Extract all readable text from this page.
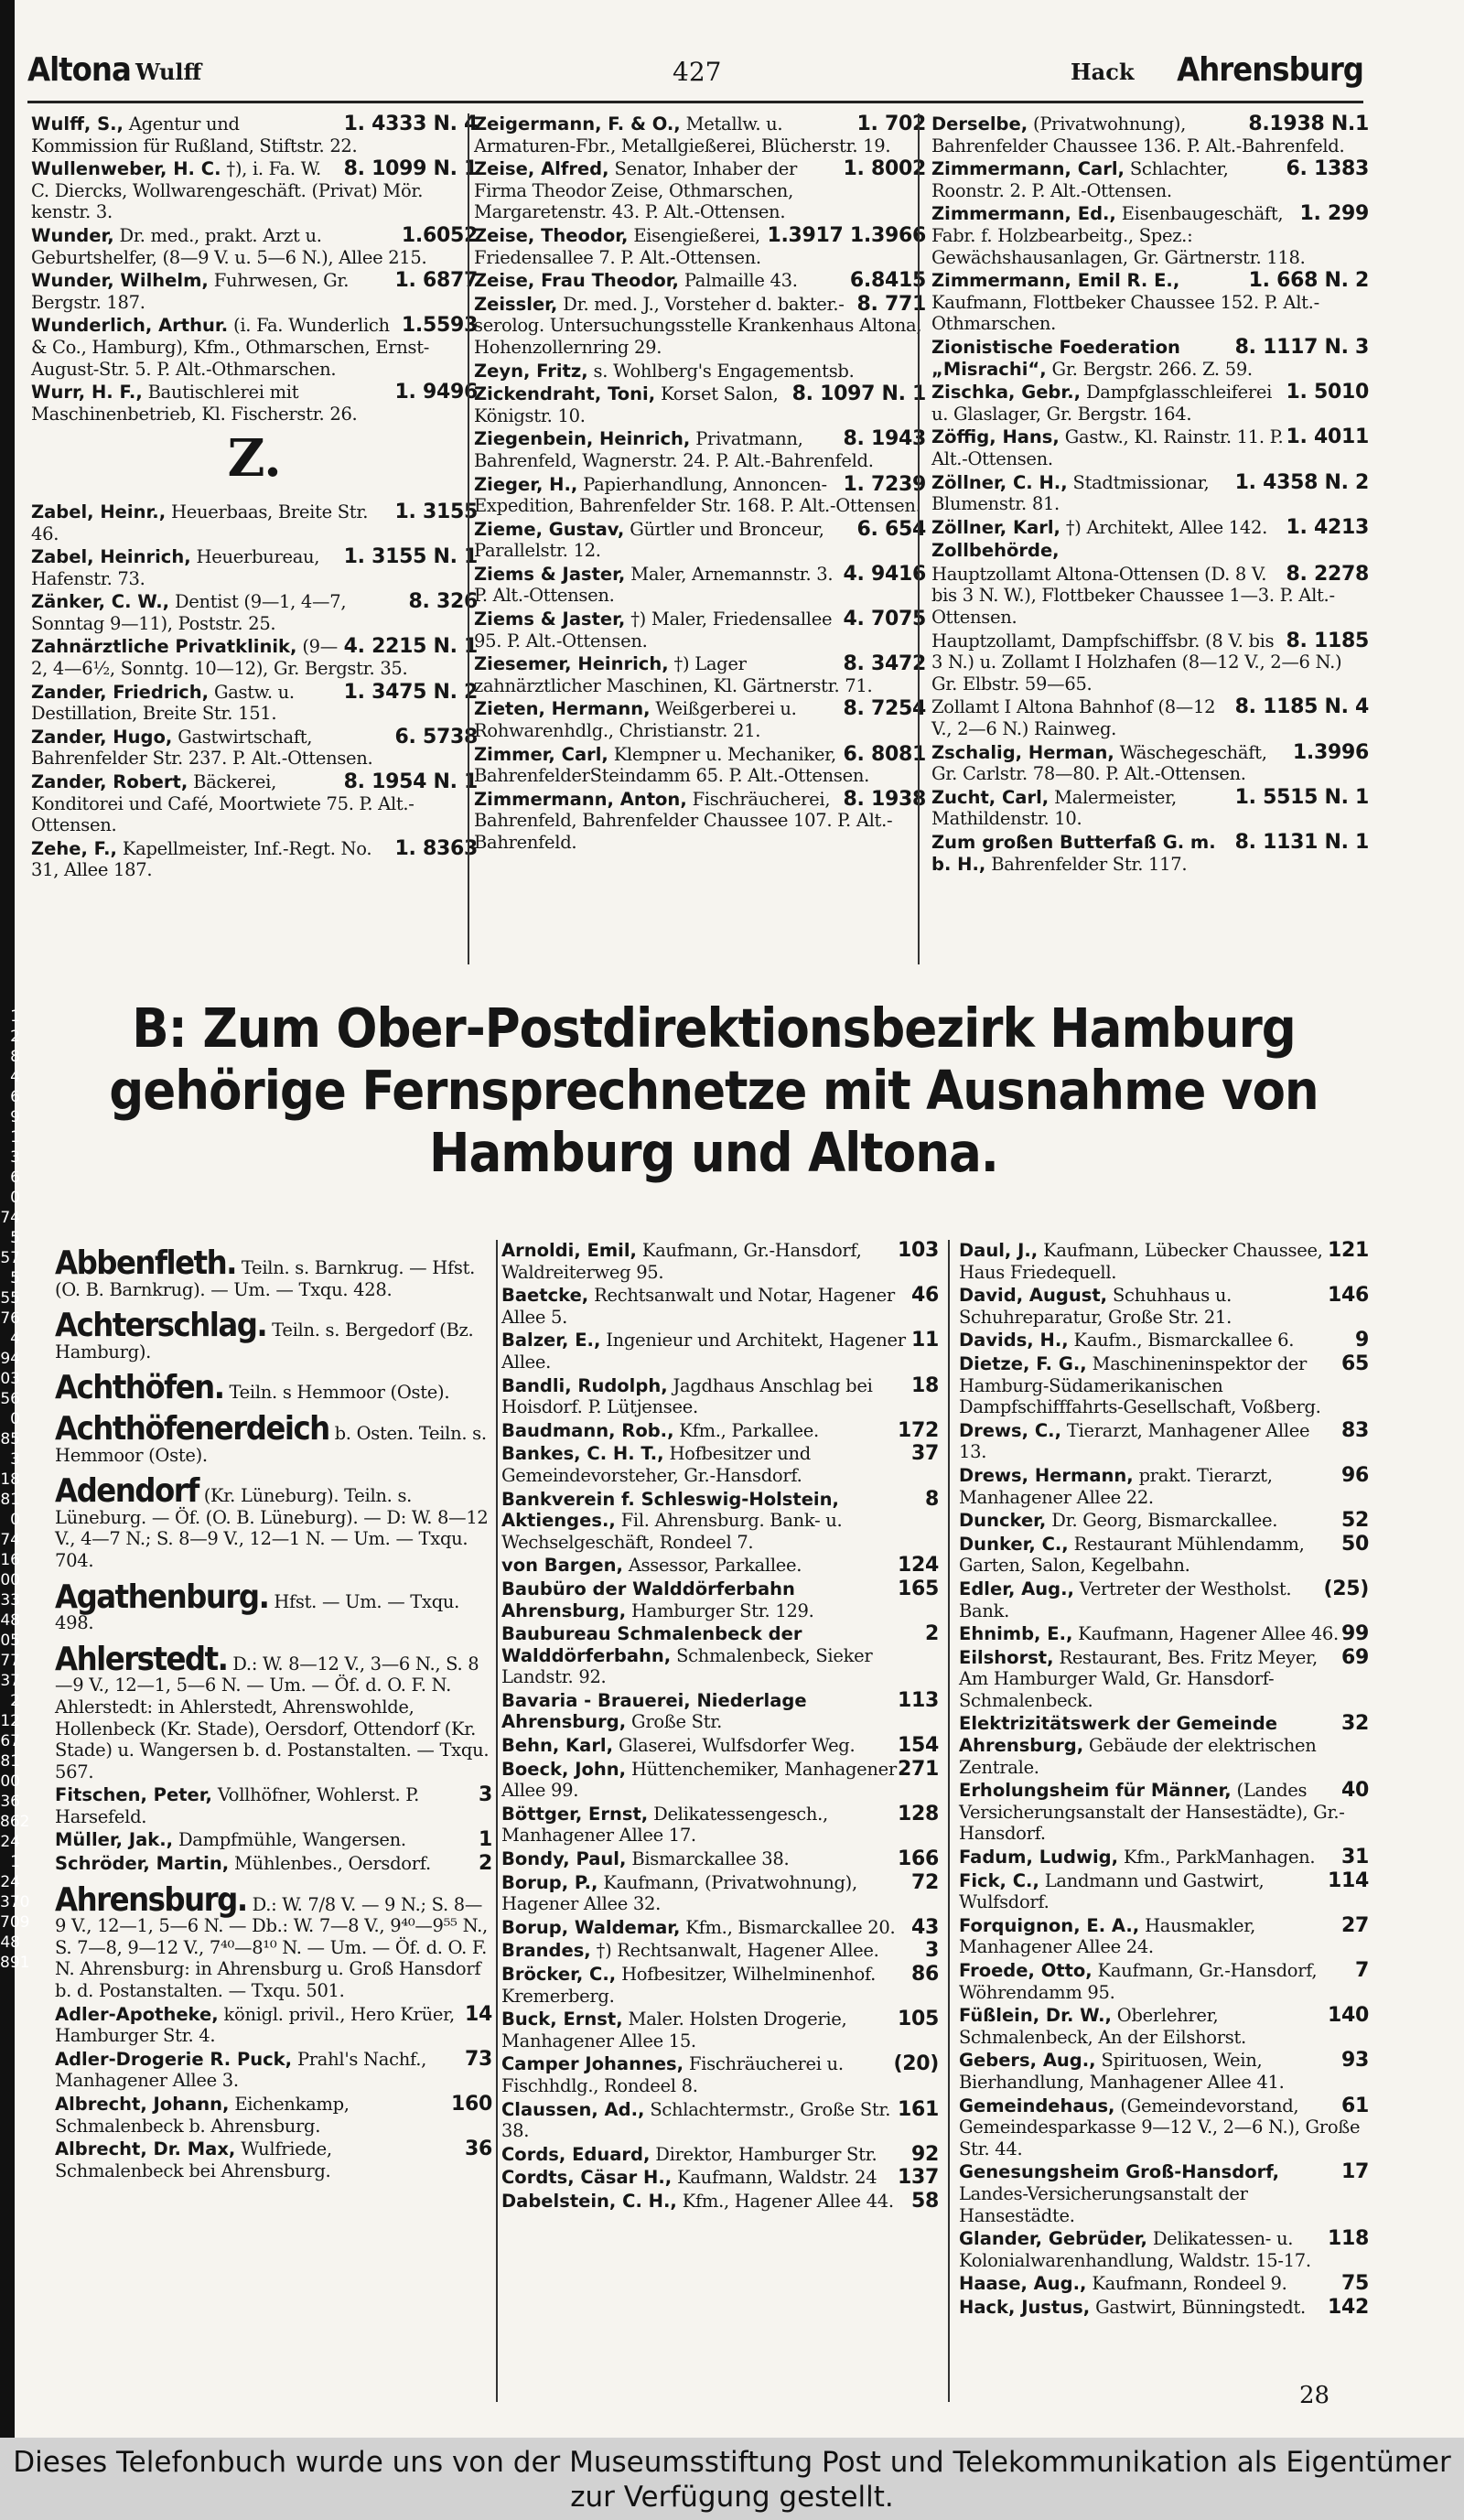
1
2
8
4
6
9
1
3
6
0
74
5
57
5
55
76
4
94
03
56
0
85
3
18
81
0
74
16
00
33
48
05
77
37
2
12
67
81
00
36
862
24
1
24
370
709
48
891
Altona Wulff	427	Hack Ahrensburg
1. 4333 N. 4
Wulff, S., Agentur und Kommission für Rußland, Stiftstr. 22.
8. 1099 N. 1
Wullenweber, H. C. †), i. Fa. W. C. Diercks, Wollwarengeschäft. (Privat) Mör. kenstr. 3.
1.6052
Wunder, Dr. med., prakt. Arzt u. Geburtshelfer, (8—9 V. u. 5—6 N.), Allee 215.
1. 6877
Wunder, Wilhelm, Fuhrwesen, Gr. Bergstr. 187.
1.5593
Wunderlich, Arthur. (i. Fa. Wunderlich & Co., Hamburg), Kfm., Othmarschen, Ernst-August-Str. 5. P. Alt.-Othmarschen.
1. 9496
Wurr, H. F., Bautischlerei mit Maschinenbetrieb, Kl. Fischerstr. 26.
Z.
1. 3155
Zabel, Heinr., Heuerbaas, Breite Str. 46.
1. 3155 N. 1
Zabel, Heinrich, Heuerbureau, Hafenstr. 73.
8. 326
Zänker, C. W., Dentist (9—1, 4—7, Sonntag 9—11), Poststr. 25.
4. 2215 N. 1
Zahnärztliche Privatklinik, (9—2, 4—6½, Sonntg. 10—12), Gr. Bergstr. 35.
1. 3475 N. 2
Zander, Friedrich, Gastw. u. Destillation, Breite Str. 151.
6. 5738
Zander, Hugo, Gastwirtschaft, Bahrenfelder Str. 237. P. Alt.-Ottensen.
8. 1954 N. 1
Zander, Robert, Bäckerei, Konditorei und Café, Moortwiete 75. P. Alt.-Ottensen.
1. 8363
Zehe, F., Kapellmeister, Inf.-Regt. No. 31, Allee 187.
1. 702
Zeigermann, F. & O., Metallw. u. Armaturen-Fbr., Metallgießerei, Blücherstr. 19.
1. 8002
Zeise, Alfred, Senator, Inhaber der Firma Theodor Zeise, Othmarschen, Margaretenstr. 43. P. Alt.-Ottensen.
1.3917 1.3966
Zeise, Theodor, Eisengießerei, Friedensallee 7. P. Alt.-Ottensen.
6.8415
Zeise, Frau Theodor, Palmaille 43.
8. 771
Zeissler, Dr. med. J., Vorsteher d. bakter.-serolog. Untersuchungsstelle Krankenhaus Altona, Hohenzollernring 29.
Zeyn, Fritz, s. Wohlberg's Engagementsb.
8. 1097 N. 1
Zickendraht, Toni, Korset Salon, Königstr. 10.
8. 1943
Ziegenbein, Heinrich, Privatmann, Bahrenfeld, Wagnerstr. 24. P. Alt.-Bahrenfeld.
1. 7239
Zieger, H., Papierhandlung, Annoncen-Expedition, Bahrenfelder Str. 168. P. Alt.-Ottensen.
6. 654
Zieme, Gustav, Gürtler und Bronceur, Parallelstr. 12.
4. 9416
Ziems & Jaster, Maler, Arnemannstr. 3. P. Alt.-Ottensen.
4. 7075
Ziems & Jaster, †) Maler, Friedensallee 95. P. Alt.-Ottensen.
8. 3472
Ziesemer, Heinrich, †) Lager zahnärztlicher Maschinen, Kl. Gärtnerstr. 71.
8. 7254
Zieten, Hermann, Weißgerberei u. Rohwarenhdlg., Christianstr. 21.
6. 8081
Zimmer, Carl, Klempner u. Mechaniker, BahrenfelderSteindamm 65. P. Alt.-Ottensen.
8. 1938
Zimmermann, Anton, Fischräucherei, Bahrenfeld, Bahrenfelder Chaussee 107. P. Alt.-Bahrenfeld.
8.1938 N.1
Derselbe, (Privatwohnung), Bahrenfelder Chaussee 136. P. Alt.-Bahrenfeld.
6. 1383
Zimmermann, Carl, Schlachter, Roonstr. 2. P. Alt.-Ottensen.
1. 299
Zimmermann, Ed., Eisenbaugeschäft, Fabr. f. Holzbearbeitg., Spez.: Gewächshausanlagen, Gr. Gärtnerstr. 118.
1. 668 N. 2
Zimmermann, Emil R. E., Kaufmann, Flottbeker Chaussee 152. P. Alt.-Othmarschen.
8. 1117 N. 3
Zionistische Foederation „Misrachi“, Gr. Bergstr. 266. Z. 59.
1. 5010
Zischka, Gebr., Dampfglasschleiferei u. Glaslager, Gr. Bergstr. 164.
1. 4011
Zöffig, Hans, Gastw., Kl. Rainstr. 11. P. Alt.-Ottensen.
1. 4358 N. 2
Zöllner, C. H., Stadtmissionar, Blumenstr. 81.
1. 4213
Zöllner, Karl, †) Architekt, Allee 142.
Zollbehörde,
8. 2278
Hauptzollamt Altona-Ottensen (D. 8 V. bis 3 N. W.), Flottbeker Chaussee 1—3. P. Alt.-Ottensen.
8. 1185
Hauptzollamt, Dampfschiffsbr. (8 V. bis 3 N.) u. Zollamt I Holzhafen (8—12 V., 2—6 N.) Gr. Elbstr. 59—65.
8. 1185 N. 4
Zollamt I Altona Bahnhof (8—12 V., 2—6 N.) Rainweg.
1.3996
Zschalig, Herman, Wäschegeschäft, Gr. Carlstr. 78—80. P. Alt.-Ottensen.
1. 5515 N. 1
Zucht, Carl, Malermeister, Mathildenstr. 10.
8. 1131 N. 1
Zum großen Butterfaß G. m. b. H., Bahrenfelder Str. 117.
B: Zum Ober-Postdirektionsbezirk Hamburg gehörige Fernsprechnetze mit Ausnahme von Hamburg und Altona.
Abbenfleth. Teiln. s. Barnkrug. — Hfst. (O. B. Barnkrug). — Um. — Txqu. 428.
Achterschlag. Teiln. s. Bergedorf (Bz. Hamburg).
Achthöfen. Teiln. s Hemmoor (Oste).
Achthöfenerdeich b. Osten. Teiln. s. Hemmoor (Oste).
Adendorf (Kr. Lüneburg). Teiln. s. Lüneburg. — Öf. (O. B. Lüneburg). — D: W. 8—12 V., 4—7 N.; S. 8—9 V., 12—1 N. — Um. — Txqu. 704.
Agathenburg. Hfst. — Um. — Txqu. 498.
Ahlerstedt. D.: W. 8—12 V., 3—6 N., S. 8—9 V., 12—1, 5—6 N. — Um. — Öf. d. O. F. N. Ahlerstedt: in Ahlerstedt, Ahrenswohlde, Hollenbeck (Kr. Stade), Oersdorf, Ottendorf (Kr. Stade) u. Wangersen b. d. Postanstalten. — Txqu. 567.
3
Fitschen, Peter, Vollhöfner, Wohlerst. P. Harsefeld.
1
Müller, Jak., Dampfmühle, Wangersen.
2
Schröder, Martin, Mühlenbes., Oersdorf.
Ahrensburg. D.: W. 7/8 V. — 9 N.; S. 8—9 V., 12—1, 5—6 N. — Db.: W. 7—8 V., 9⁴⁰—9⁵⁵ N., S. 7—8, 9—12 V., 7⁴⁰—8¹⁰ N. — Um. — Öf. d. O. F. N. Ahrensburg: in Ahrensburg u. Groß Hansdorf b. d. Postanstalten. — Txqu. 501.
14
Adler-Apotheke, königl. privil., Hero Krüer, Hamburger Str. 4.
73
Adler-Drogerie R. Puck, Prahl's Nachf., Manhagener Allee 3.
160
Albrecht, Johann, Eichenkamp, Schmalenbeck b. Ahrensburg.
36
Albrecht, Dr. Max, Wulfriede, Schmalenbeck bei Ahrensburg.
103
Arnoldi, Emil, Kaufmann, Gr.-Hansdorf, Waldreiterweg 95.
46
Baetcke, Rechtsanwalt und Notar, Hagener Allee 5.
11
Balzer, E., Ingenieur und Architekt, Hagener Allee.
18
Bandli, Rudolph, Jagdhaus Anschlag bei Hoisdorf. P. Lütjensee.
172
Baudmann, Rob., Kfm., Parkallee.
37
Bankes, C. H. T., Hofbesitzer und Gemeindevorsteher, Gr.-Hansdorf.
8
Bankverein f. Schleswig-Holstein, Aktienges., Fil. Ahrensburg. Bank- u. Wechselgeschäft, Rondeel 7.
124
von Bargen, Assessor, Parkallee.
165
Baubüro der Walddörferbahn Ahrensburg, Hamburger Str. 129.
2
Baubureau Schmalenbeck der Walddörferbahn, Schmalenbeck, Sieker Landstr. 92.
113
Bavaria - Brauerei, Niederlage Ahrensburg, Große Str.
154
Behn, Karl, Glaserei, Wulfsdorfer Weg.
271
Boeck, John, Hüttenchemiker, Manhagener Allee 99.
128
Böttger, Ernst, Delikatessengesch., Manhagener Allee 17.
166
Bondy, Paul, Bismarckallee 38.
72
Borup, P., Kaufmann, (Privatwohnung), Hagener Allee 32.
43
Borup, Waldemar, Kfm., Bismarckallee 20.
3
Brandes, †) Rechtsanwalt, Hagener Allee.
86
Bröcker, C., Hofbesitzer, Wilhelminenhof. Kremerberg.
105
Buck, Ernst, Maler. Holsten Drogerie, Manhagener Allee 15.
(20)
Camper Johannes, Fischräucherei u. Fischhdlg., Rondeel 8.
161
Claussen, Ad., Schlachtermstr., Große Str. 38.
92
Cords, Eduard, Direktor, Hamburger Str.
137
Cordts, Cäsar H., Kaufmann, Waldstr. 24
58
Dabelstein, C. H., Kfm., Hagener Allee 44.
121
Daul, J., Kaufmann, Lübecker Chaussee, Haus Friedequell.
146
David, August, Schuhhaus u. Schuhreparatur, Große Str. 21.
9
Davids, H., Kaufm., Bismarckallee 6.
65
Dietze, F. G., Maschineninspektor der Hamburg-Südamerikanischen Dampfschifffahrts-Gesellschaft, Voßberg.
83
Drews, C., Tierarzt, Manhagener Allee 13.
96
Drews, Hermann, prakt. Tierarzt, Manhagener Allee 22.
52
Duncker, Dr. Georg, Bismarckallee.
50
Dunker, C., Restaurant Mühlendamm, Garten, Salon, Kegelbahn.
(25)
Edler, Aug., Vertreter der Westholst. Bank.
99
Ehnimb, E., Kaufmann, Hagener Allee 46.
69
Eilshorst, Restaurant, Bes. Fritz Meyer, Am Hamburger Wald, Gr. Hansdorf-Schmalenbeck.
32
Elektrizitätswerk der Gemeinde Ahrensburg, Gebäude der elektrischen Zentrale.
40
Erholungsheim für Männer, (Landes Versicherungsanstalt der Hansestädte), Gr.-Hansdorf.
31
Fadum, Ludwig, Kfm., ParkManhagen.
114
Fick, C., Landmann und Gastwirt, Wulfsdorf.
27
Forquignon, E. A., Hausmakler, Manhagener Allee 24.
7
Froede, Otto, Kaufmann, Gr.-Hansdorf, Wöhrendamm 95.
140
Füßlein, Dr. W., Oberlehrer, Schmalenbeck, An der Eilshorst.
93
Gebers, Aug., Spirituosen, Wein, Bierhandlung, Manhagener Allee 41.
61
Gemeindehaus, (Gemeindevorstand, Gemeindesparkasse 9—12 V., 2—6 N.), Große Str. 44.
17
Genesungsheim Groß-Hansdorf, Landes-Versicherungsanstalt der Hansestädte.
118
Glander, Gebrüder, Delikatessen- u. Kolonialwarenhandlung, Waldstr. 15-17.
75
Haase, Aug., Kaufmann, Rondeel 9.
142
Hack, Justus, Gastwirt, Bünningstedt.
28
Dieses Telefonbuch wurde uns von der Museumsstiftung Post und Telekommunikation als Eigentümer zur Verfügung gestellt.
